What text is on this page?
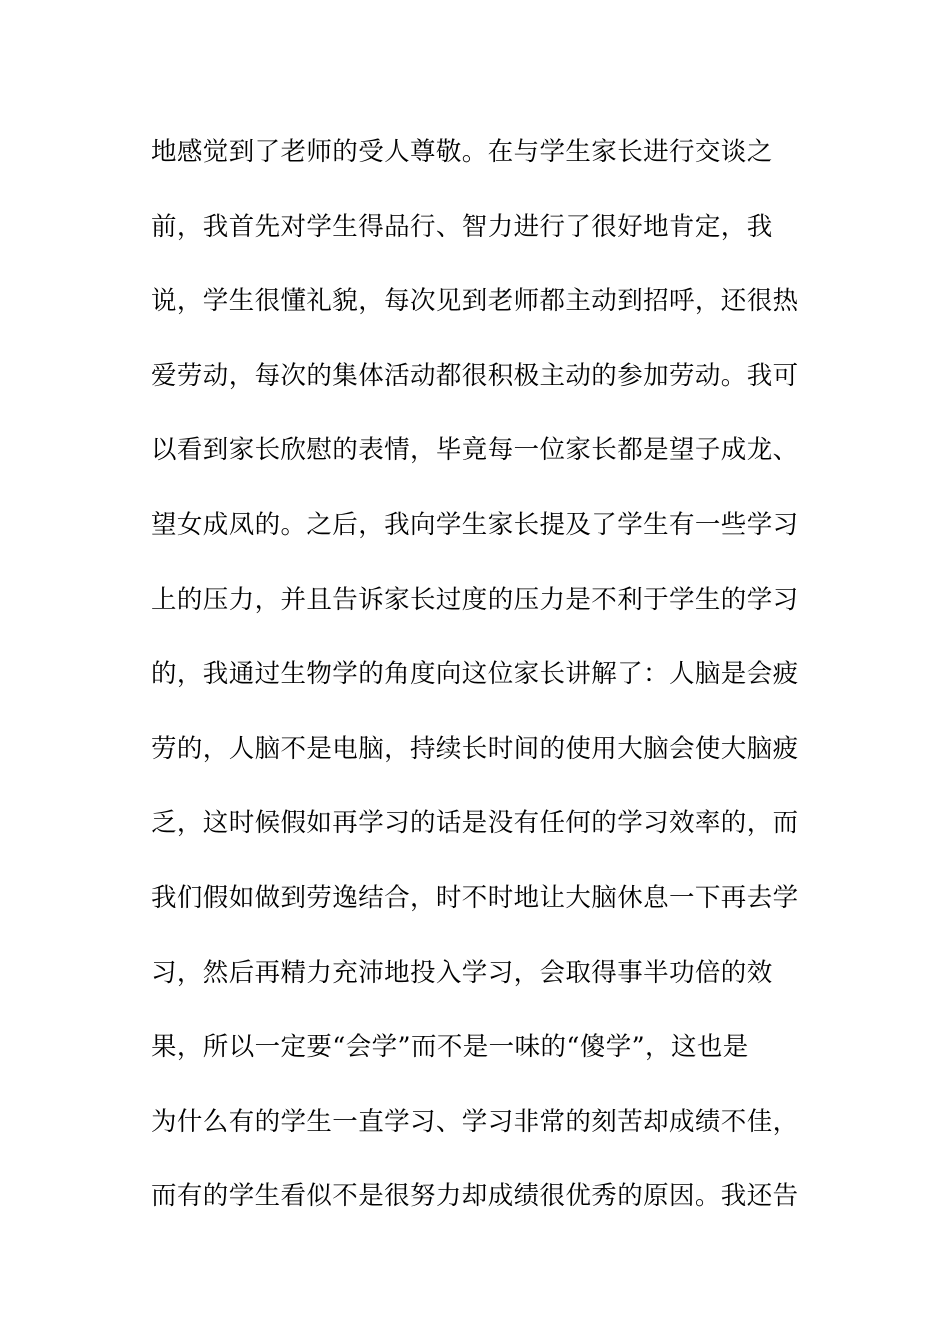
地感觉到了老师的受人尊敬。在与学生家长进行交谈之
前，我首先对学生得品行、智力进行了很好地肯定，我
说，学生很懂礼貌，每次见到老师都主动到招呼，还很热
爱劳动，每次的集体活动都很积极主动的参加劳动。我可
以看到家长欣慰的表情，毕竟每一位家长都是望子成龙、
望女成凤的。之后，我向学生家长提及了学生有一些学习
上的压力，并且告诉家长过度的压力是不利于学生的学习
的，我通过生物学的角度向这位家长讲解了：人脑是会疲
劳的，人脑不是电脑，持续长时间的使用大脑会使大脑疲
乏，这时候假如再学习的话是没有任何的学习效率的，而
我们假如做到劳逸结合，时不时地让大脑休息一下再去学
习，然后再精力充沛地投入学习，会取得事半功倍的效
果，所以一定要“会学”而不是一味的“傻学”，这也是
为什么有的学生一直学习、学习非常的刻苦却成绩不佳，
而有的学生看似不是很努力却成绩很优秀的原因。我还告
